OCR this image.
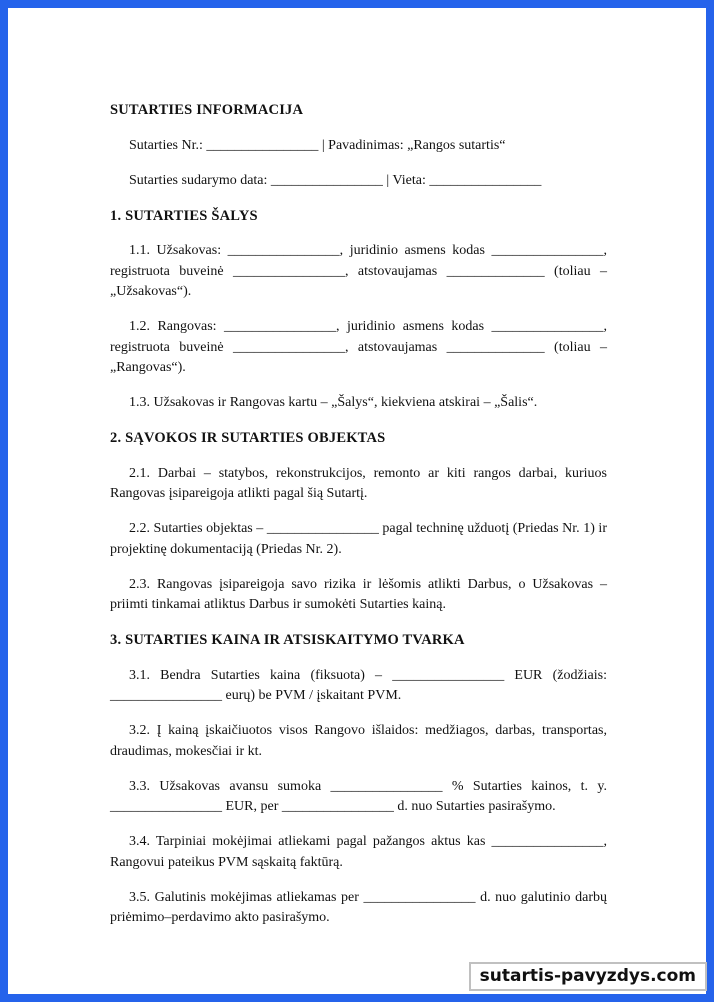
SUTARTIES INFORMACIJA

Sutarties Nr.: ________________ | Pavadinimas: „Rangos sutartis“

Sutarties sudarymo data: ________________ | Vieta: ________________

1. SUTARTIES ŠALYS

1.1. Užsakovas: ________________, juridinio asmens kodas ________________, registruota buveinė ________________, atstovaujamas ______________ (toliau – „Užsakovas“).

1.2. Rangovas: ________________, juridinio asmens kodas ________________, registruota buveinė ________________, atstovaujamas ______________ (toliau – „Rangovas“).

1.3. Užsakovas ir Rangovas kartu – „Šalys“, kiekviena atskirai – „Šalis“.

2. SĄVOKOS IR SUTARTIES OBJEKTAS

2.1. Darbai – statybos, rekonstrukcijos, remonto ar kiti rangos darbai, kuriuos Rangovas įsipareigoja atlikti pagal šią Sutartį.

2.2. Sutarties objektas – ________________ pagal techninę užduotį (Priedas Nr. 1) ir projektinę dokumentaciją (Priedas Nr. 2).

2.3. Rangovas įsipareigoja savo rizika ir lėšomis atlikti Darbus, o Užsakovas – priimti tinkamai atliktus Darbus ir sumokėti Sutarties kainą.

3. SUTARTIES KAINA IR ATSISKAITYMO TVARKA

3.1. Bendra Sutarties kaina (fiksuota) – ________________ EUR (žodžiais: ________________ eurų) be PVM / įskaitant PVM.

3.2. Į kainą įskaičiuotos visos Rangovo išlaidos: medžiagos, darbas, transportas, draudimas, mokesčiai ir kt.

3.3. Užsakovas avansu sumoka ________________ % Sutarties kainos, t. y. ________________ EUR, per ________________ d. nuo Sutarties pasirašymo.

3.4. Tarpiniai mokėjimai atliekami pagal pažangos aktus kas ________________, Rangovui pateikus PVM sąskaitą faktūrą.

3.5. Galutinis mokėjimas atliekamas per ________________ d. nuo galutinio darbų priėmimo–perdavimo akto pasirašymo.

sutartis-pavyzdys.com
